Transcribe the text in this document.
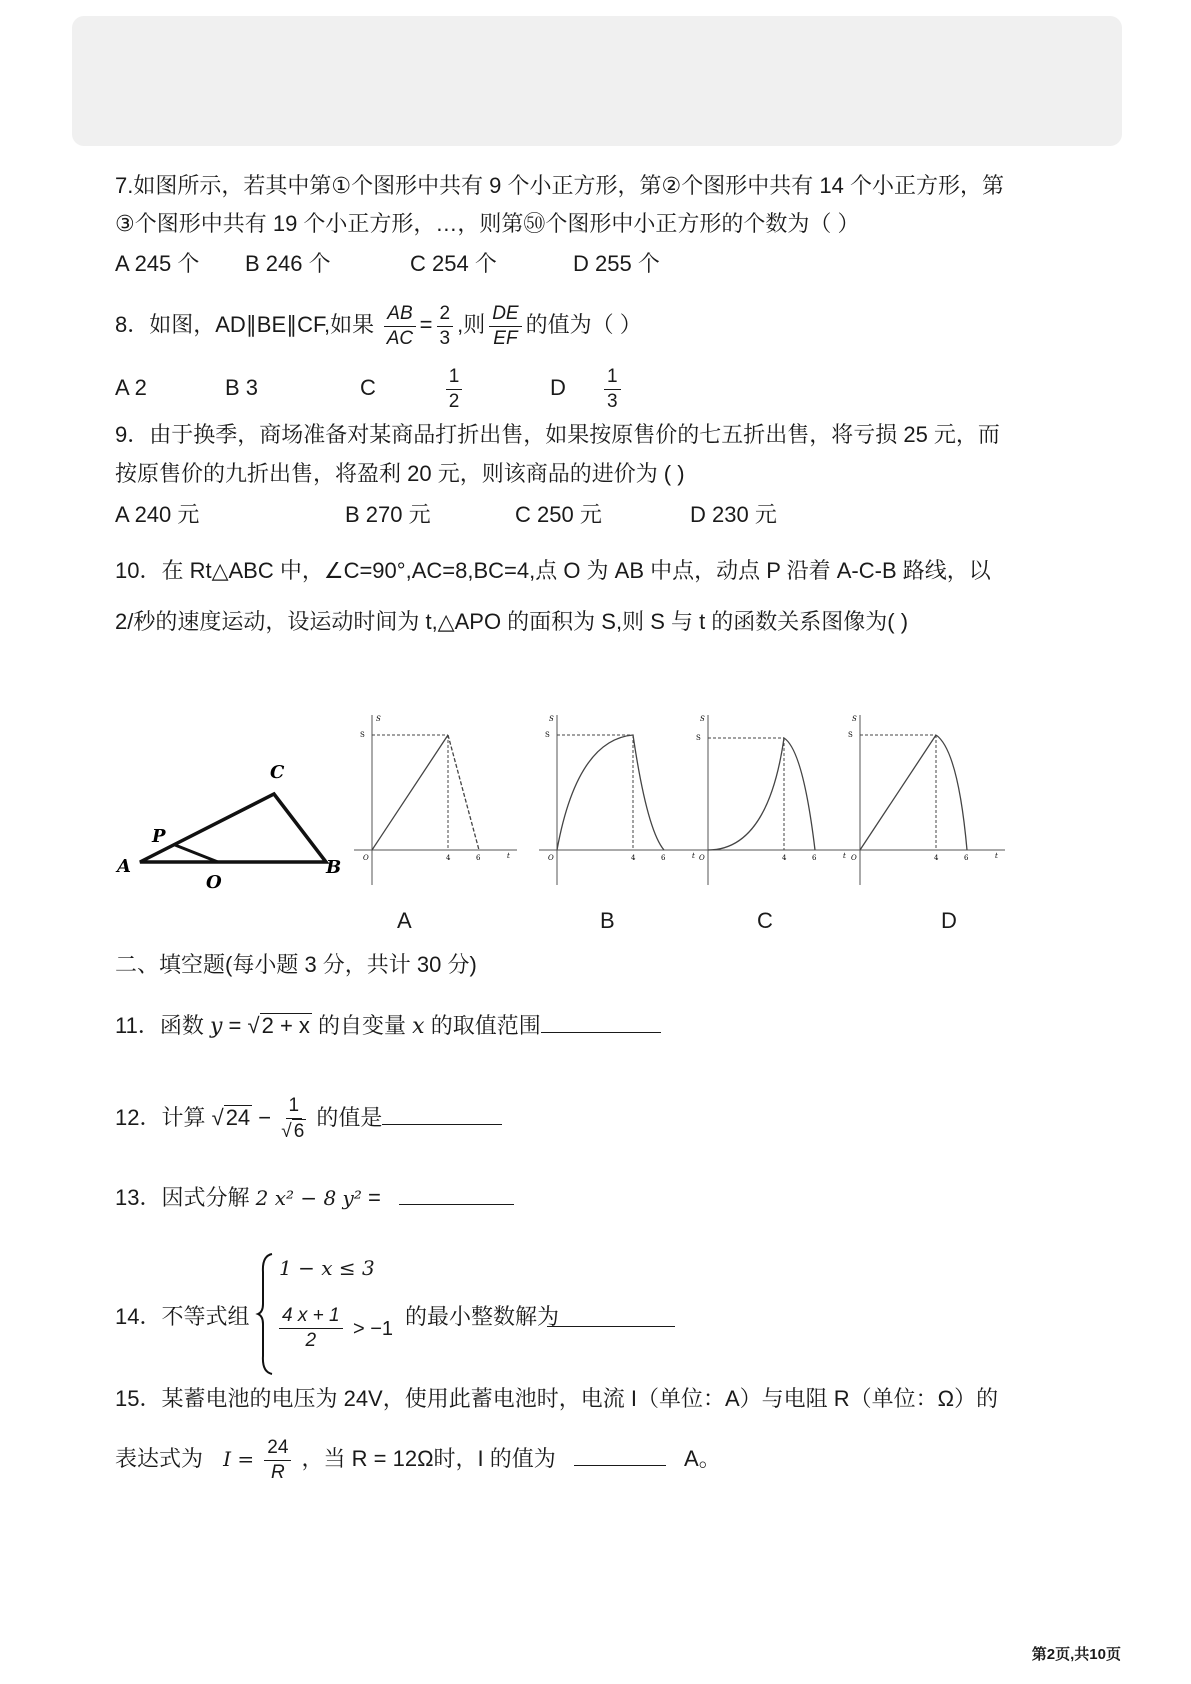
7.如图所示，若其中第①个图形中共有 9 个小正方形，第②个图形中共有 14 个小正方形，第
③个图形中共有 19 个小正方形，…，则第㊿个图形中小正方形的个数为（ ）
A 245 个 B 246 个	C 254 个	D 255 个
8．如图，AD∥BE∥CF,如果 $\frac{AB}{AC} = \frac{2}{3}$ ,则 $\frac{DE}{EF}$ 的值为（ ）
A 2	B 3	C $\frac{1}{2}$	D $\frac{1}{3}$
9．由于换季，商场准备对某商品打折出售，如果按原售价的七五折出售，将亏损 25 元，而
按原售价的九折出售，将盈利 20 元，则该商品的进价为 ( )
A 240 元	B 270 元	C 250 元	D 230 元
10．在 Rt△ABC 中，∠C=90°,AC=8,BC=4,点 O 为 AB 中点，动点 P 沿着 A-C-B 路线，以
2/秒的速度运动，设运动时间为 t,△APO 的面积为 S,则 S 与 t 的函数关系图像为( )
A	B
C
P
O
S
S
O	4	6	t
S
S
O	4	6	t
S
S
O	4	6	t
S
S
O	4	6	t
A	B	C	D
二、填空题(每小题 3 分，共计 30 分)
11．函数 y = √2 + x 的自变量 x 的取值范围
12．计算 $√24 - \frac{1}{√ 6}$ 的值是
13．因式分解 2 x² − 8 y² =
14．不等式组
1 − x ≤ 3
$\frac{4 x + 1}{2} > -1$ 的最小整数解为
15．某蓄电池的电压为 24V，使用此蓄电池时，电流 I（单位：A）与电阻 R（单位：Ω）的
表达式为 $I = \frac{24}{R}$ ，当 R = 12Ω时，I 的值为	A。
第2页,共10页
